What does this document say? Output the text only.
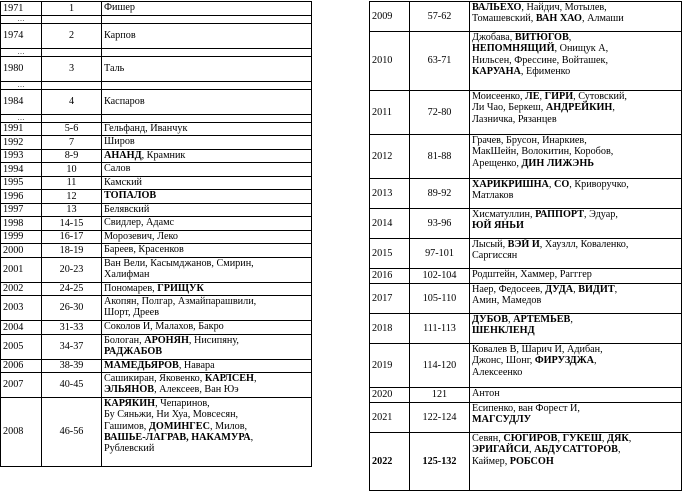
1971	1	Фишер
…		
1974	2	Карпов
…		
1980	3	Таль
…		
1984	4	Каспаров
…		
1991	5-6	Гельфанд, Иванчук
1992	7	Широв
1993	8-9	АНАНД, Крамник
1994	10	Салов
1995	11	Камский
1996	12	ТОПАЛОВ
1997	13	Белявский
1998	14-15	Свидлер, Адамс
1999	16-17	Морозевич, Леко
2000	18-19	Бареев, Красенков
2001	20-23	Ван Вели, Касымджанов, Смирин,
Халифман
2002	24-25	Пономарев, ГРИЩУК
2003	26-30	Акопян, Полгар, Азмайпарашвили,
Шорт, Дреев
2004	31-33	Соколов И, Малахов, Бакро
2005	34-37	Бологан, АРОНЯН, Нисипяну,
РАДЖАБОВ
2006	38-39	МАМЕДЬЯРОВ, Навара
2007	40-45	Сашикиран, Яковенко, КАРЛСЕН,
ЭЛЬЯНОВ, Алексеев, Ван Юэ
2008	46-56	КАРЯКИН, Чепаринов,
Бу Сяньжи, Ни Хуа, Мовсесян,
Гашимов, ДОМИНГЕС, Милов,
ВАШЬЕ-ЛАГРАВ, НАКАМУРА,
Рублевский
2009	57-62	ВАЛЬЕХО, Найдич, Мотылев,
Томашевский, ВАН ХАО, Алмаши
2010	63-71	Джобава, ВИТЮГОВ,
НЕПОМНЯЩИЙ, Онищук А,
Нильсен, Фрессине, Войташек,
КАРУАНА, Ефименко
2011	72-80	Моисеенко, ЛЕ, ГИРИ, Сутовский,
Ли Чао, Беркеш, АНДРЕЙКИН,
Лазничка, Рязанцев
2012	81-88	Грачев, Брусон, Инаркиев,
МакШейн, Волокитин, Коробов,
Арещенко, ДИН ЛИЖЭНЬ
2013	89-92	ХАРИКРИШНА, СО, Криворучко,
Матлаков
2014	93-96	Хисматуллин, РАППОРТ, Эдуар,
ЮЙ ЯНЬИ
2015	97-101	Лысый, ВЭЙ И, Хаузлл, Коваленко,
Саргиссян
2016	102-104	Родштейн, Хаммер, Рагггер
2017	105-110	Наер, Федосеев, ДУДА, ВИДИТ,
Амин, Мамедов
2018	111-113	ДУБОВ, АРТЕМЬЕВ,
ШЕНКЛЕНД
2019	114-120	Ковалев В, Шарич И, Адибан,
Джонс, Шонг, ФИРУЗДЖА,
Алексеенко
2020	121	Антон
2021	122-124	Есипенко, ван Форест И,
МАГСУДЛУ
2022	125-132	Севян, СЮГИРОВ, ГУКЕШ, ДЯК,
ЭРИГАЙСИ, АБДУСАТТОРОВ,
Каймер, РОБСОН
